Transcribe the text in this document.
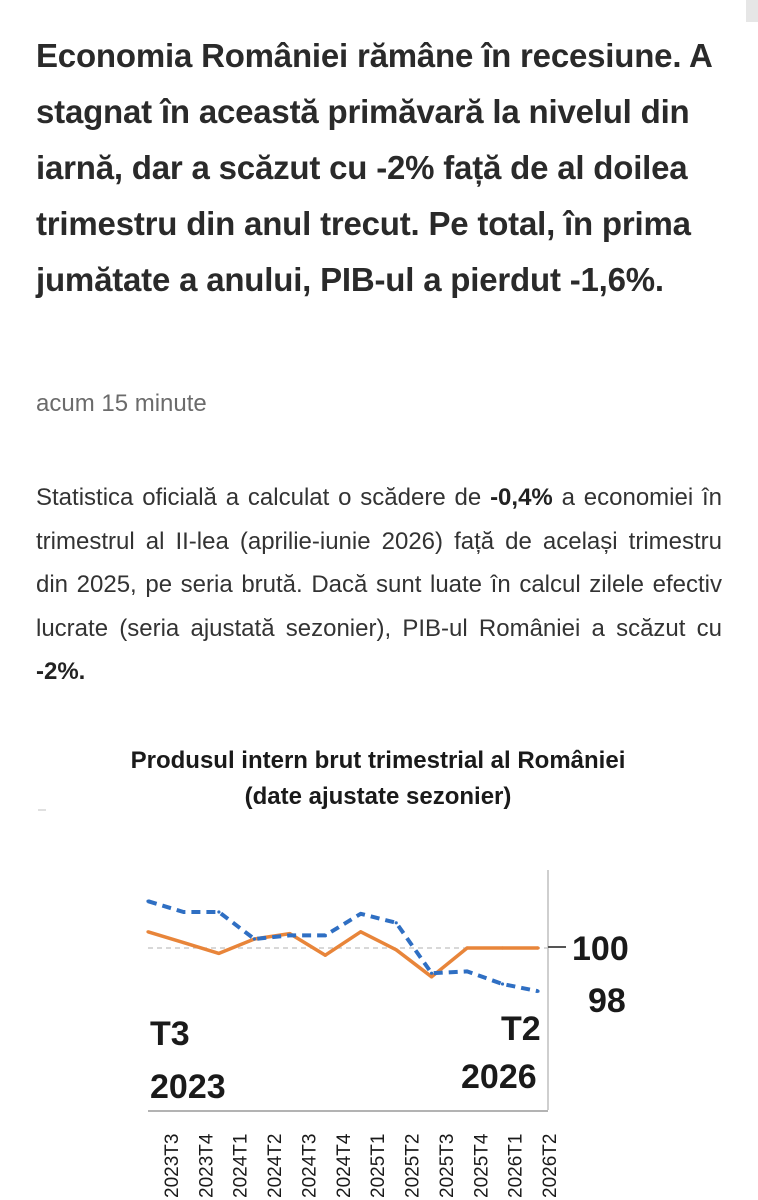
Economia României rămâne în recesiune. A stagnat în această primăvară la nivelul din iarnă, dar a scăzut cu -2% față de al doilea trimestru din anul trecut. Pe total, în prima jumătate a anului, PIB-ul a pierdut -1,6%.

acum 15 minute

Statistica oficială a calculat o scădere de -0,4% a economiei în trimestrul al II-lea (aprilie-iunie 2026) față de același trimestru din 2025, pe seria brută. Dacă sunt luate în calcul zilele efectiv lucrate (seria ajustată sezonier), PIB-ul României a scăzut cu -2%.

Produsul intern brut trimestrial al României
(date ajustate sezonier)
100
98
T3
2023
T2
2026
2023T3 2023T4 2024T1 2024T2 2024T3 2024T4 2025T1 2025T2 2025T3 2025T4 2026T1 2026T2
